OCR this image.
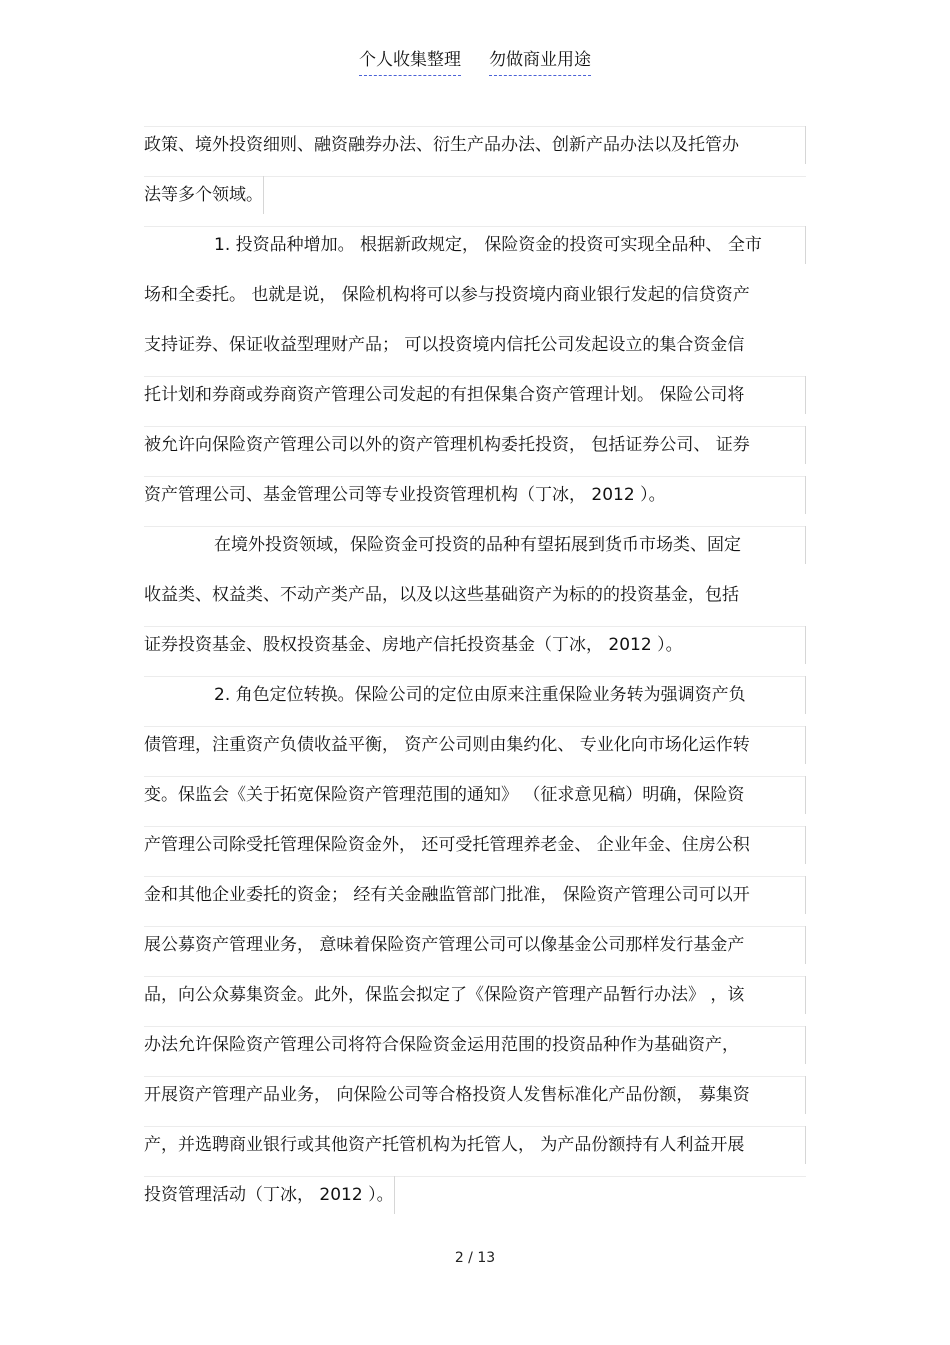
个人收集整理 勿做商业用途
政策、境外投资细则、融资融券办法、衍生产品办法、创新产品办法以及托管办
法等多个领域。
1. 投资品种增加。 根据新政规定， 保险资金的投资可实现全品种、 全市
场和全委托。 也就是说， 保险机构将可以参与投资境内商业银行发起的信贷资产
支持证券、保证收益型理财产品； 可以投资境内信托公司发起设立的集合资金信
托计划和券商或券商资产管理公司发起的有担保集合资产管理计划。 保险公司将
被允许向保险资产管理公司以外的资产管理机构委托投资， 包括证券公司、 证券
资产管理公司、基金管理公司等专业投资管理机构（丁冰， 2012 ）。
在境外投资领域，保险资金可投资的品种有望拓展到货币市场类、固定
收益类、权益类、不动产类产品，以及以这些基础资产为标的的投资基金，包括
证券投资基金、股权投资基金、房地产信托投资基金（丁冰， 2012 ）。
2. 角色定位转换。保险公司的定位由原来注重保险业务转为强调资产负
债管理，注重资产负债收益平衡， 资产公司则由集约化、 专业化向市场化运作转
变。保监会《关于拓宽保险资产管理范围的通知》 （征求意见稿）明确，保险资
产管理公司除受托管理保险资金外， 还可受托管理养老金、 企业年金、住房公积
金和其他企业委托的资金； 经有关金融监管部门批准， 保险资产管理公司可以开
展公募资产管理业务， 意味着保险资产管理公司可以像基金公司那样发行基金产
品，向公众募集资金。此外，保监会拟定了《保险资产管理产品暂行办法》 ，该
办法允许保险资产管理公司将符合保险资金运用范围的投资品种作为基础资产，
开展资产管理产品业务， 向保险公司等合格投资人发售标准化产品份额， 募集资
产，并选聘商业银行或其他资产托管机构为托管人， 为产品份额持有人利益开展
投资管理活动（丁冰， 2012 ）。
2 / 13
